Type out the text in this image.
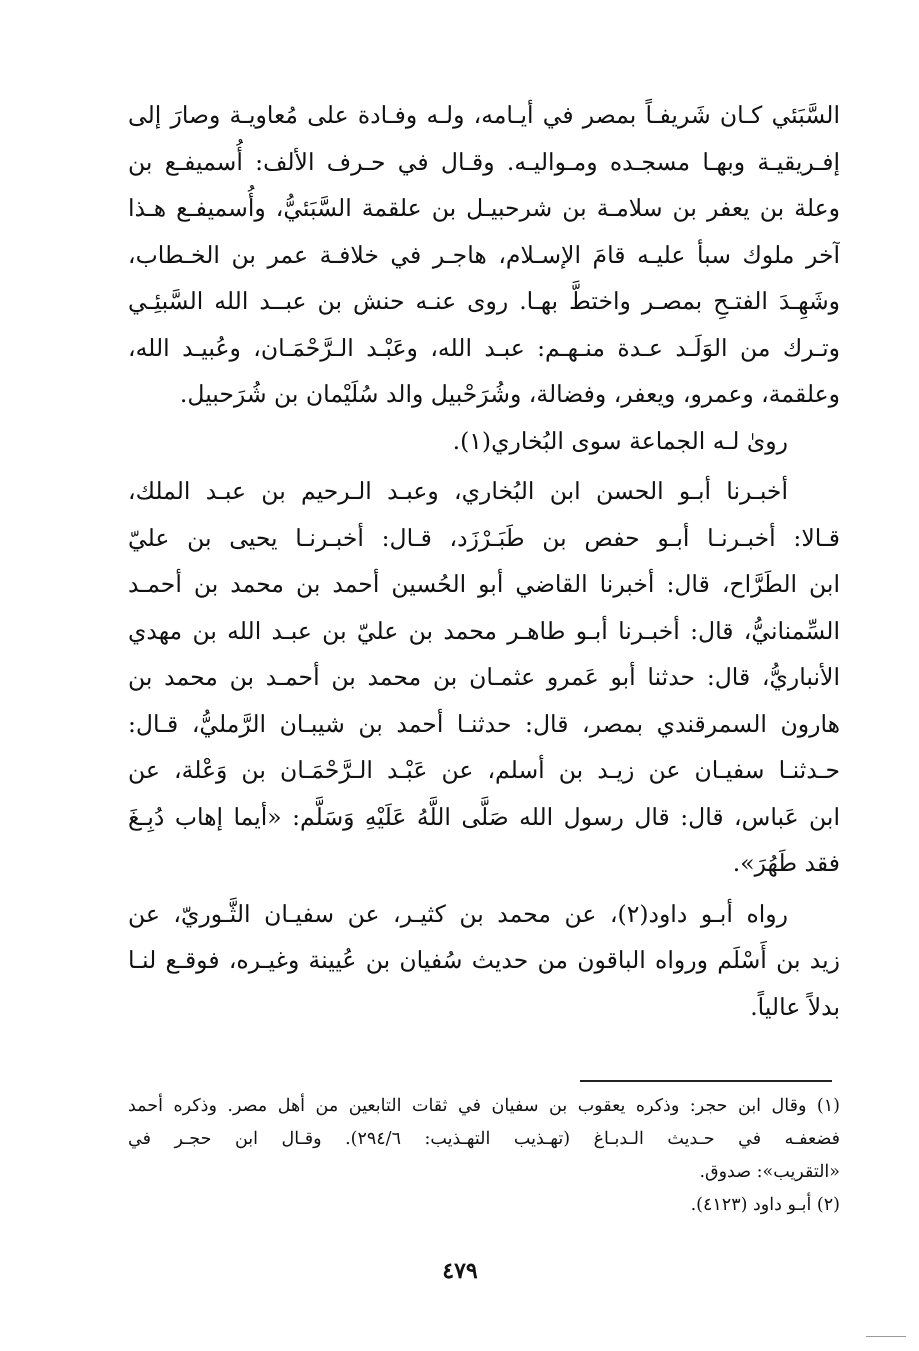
السَّبَئي كـان شَريفـاً بمصر في أيـامه، ولـه وفـادة على مُعاويـة وصارَ إلى
إفـريقيـة وبهـا مسجـده ومـواليـه. وقـال في حـرف الألف: أُسميفـع بن
وعلة بن يعفر بن سلامـة بن شرحبيـل بن علقمة السَّبَئيُّ، وأُسميفـع هـذا
آخر ملوك سبأ عليـه قامَ الإسـلام، هاجـر في خلافـة عمر بن الخـطاب،
وشَهِـدَ الفتـحِ بمصـر واختطَّ بهـا. روى عنـه حنش بن عبــد الله السَّبئِـي
وتـرك من الوَلَـد عـدة منـهـم: عبـد الله، وعَبْـد الـرَّحْمَـان، وعُبيـد الله،
وعلقمة، وعمرو، ويعفر، وفضالة، وشُرَحْبيل والد سُلَيْمان بن شُرَحبيل.
روىٰ لـه الجماعة سوى البُخاري(١).
أخبـرنا أبـو الحسن ابن البُخاري، وعبـد الـرحيم بن عبـد الملك،
قـالا: أخبـرنـا أبـو حفص بن طَبَـرْزَد، قـال: أخبـرنـا يحيى بن عليّ
ابن الطَرَّاح، قال: أخبرنا القاضي أبو الحُسين أحمد بن محمد بن أحمـد
السِّمنانيُّ، قال: أخبـرنا أبـو طاهـر محمد بن عليّ بن عبـد الله بن مهدي
الأنباريُّ، قال: حدثنا أبو عَمرو عثمـان بن محمد بن أحمـد بن محمد بن
هارون السمرقندي بمصر، قال: حدثنـا أحمد بن شيبـان الرَّمليُّ، قـال:
حـدثنـا سفيـان عن زيـد بن أسلم، عن عَبْـد الـرَّحْمَـان بن وَعْلة، عن
ابن عَباس، قال: قال رسول الله صَلَّى اللَّهُ عَلَيْهِ وَسَلَّم: «أيما إهاب دُبِـغَ
فقد طَهُرَ».
رواه أبـو داود(٢)، عن محمد بن كثيـر، عن سفيـان الثَّـوريّ، عن
زيد بن أَسْلَم ورواه الباقون من حديث سُفيان بن عُيينة وغيـره، فوقـع لنـا
بدلاً عالياً.
(١) وقال ابن حجر: وذكره يعقوب بن سفيان في ثقات التابعين من أهل مصر. وذكره أحمد
فضعفـه في حـديث الـدبـاغ (تهـذيب التهـذيب: ٢٩٤/٦). وقـال ابن حجـر في
«التقريب»: صدوق.
(٢) أبـو داود (٤١٢٣).
٤٧٩
